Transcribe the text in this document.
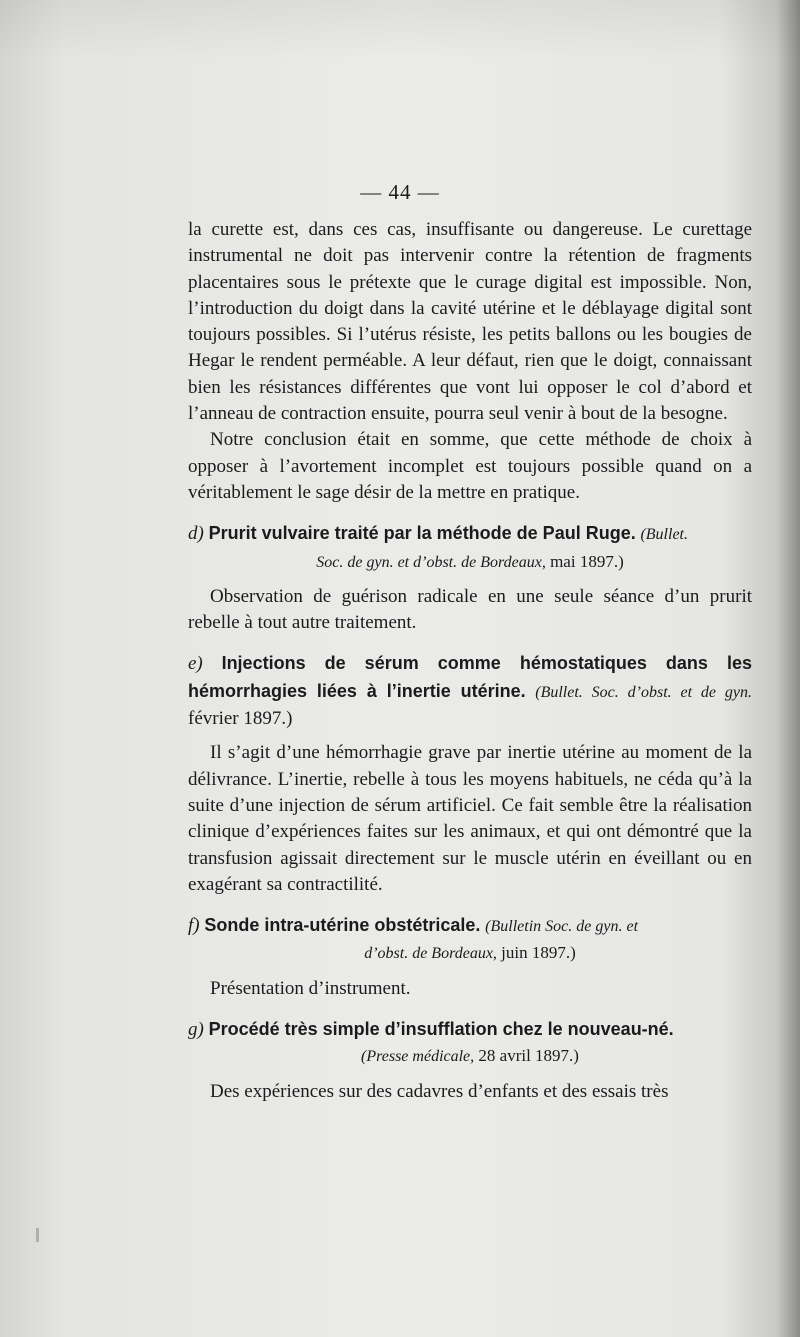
— 44 —

la curette est, dans ces cas, insuffisante ou dangereuse. Le curettage instrumental ne doit pas intervenir contre la rétention de fragments placentaires sous le prétexte que le curage digital est impossible. Non, l’introduction du doigt dans la cavité utérine et le déblayage digital sont toujours possibles. Si l’utérus résiste, les petits ballons ou les bougies de Hegar le rendent perméable. A leur défaut, rien que le doigt, connaissant bien les résistances différentes que vont lui opposer le col d’abord et l’anneau de contraction ensuite, pourra seul venir à bout de la besogne.

Notre conclusion était en somme, que cette méthode de choix à opposer à l’avortement incomplet est toujours possible quand on a véritablement le sage désir de la mettre en pratique.

d) Prurit vulvaire traité par la méthode de Paul Ruge. (Bullet.

Soc. de gyn. et d’obst. de Bordeaux, mai 1897.)

Observation de guérison radicale en une seule séance d’un prurit rebelle à tout autre traitement.

e) Injections de sérum comme hémostatiques dans les hémorrhagies liées à l’inertie utérine. (Bullet. Soc. d’obst. et de gyn. février 1897.)

Il s’agit d’une hémorrhagie grave par inertie utérine au moment de la délivrance. L’inertie, rebelle à tous les moyens habituels, ne céda qu’à la suite d’une injection de sérum artificiel. Ce fait semble être la réalisation clinique d’expériences faites sur les animaux, et qui ont démontré que la transfusion agissait directement sur le muscle utérin en éveillant ou en exagérant sa contractilité.

f) Sonde intra-utérine obstétricale. (Bulletin Soc. de gyn. et

d’obst. de Bordeaux, juin 1897.)

Présentation d’instrument.

g) Procédé très simple d’insufflation chez le nouveau-né.

(Presse médicale, 28 avril 1897.)

Des expériences sur des cadavres d’enfants et des essais très
